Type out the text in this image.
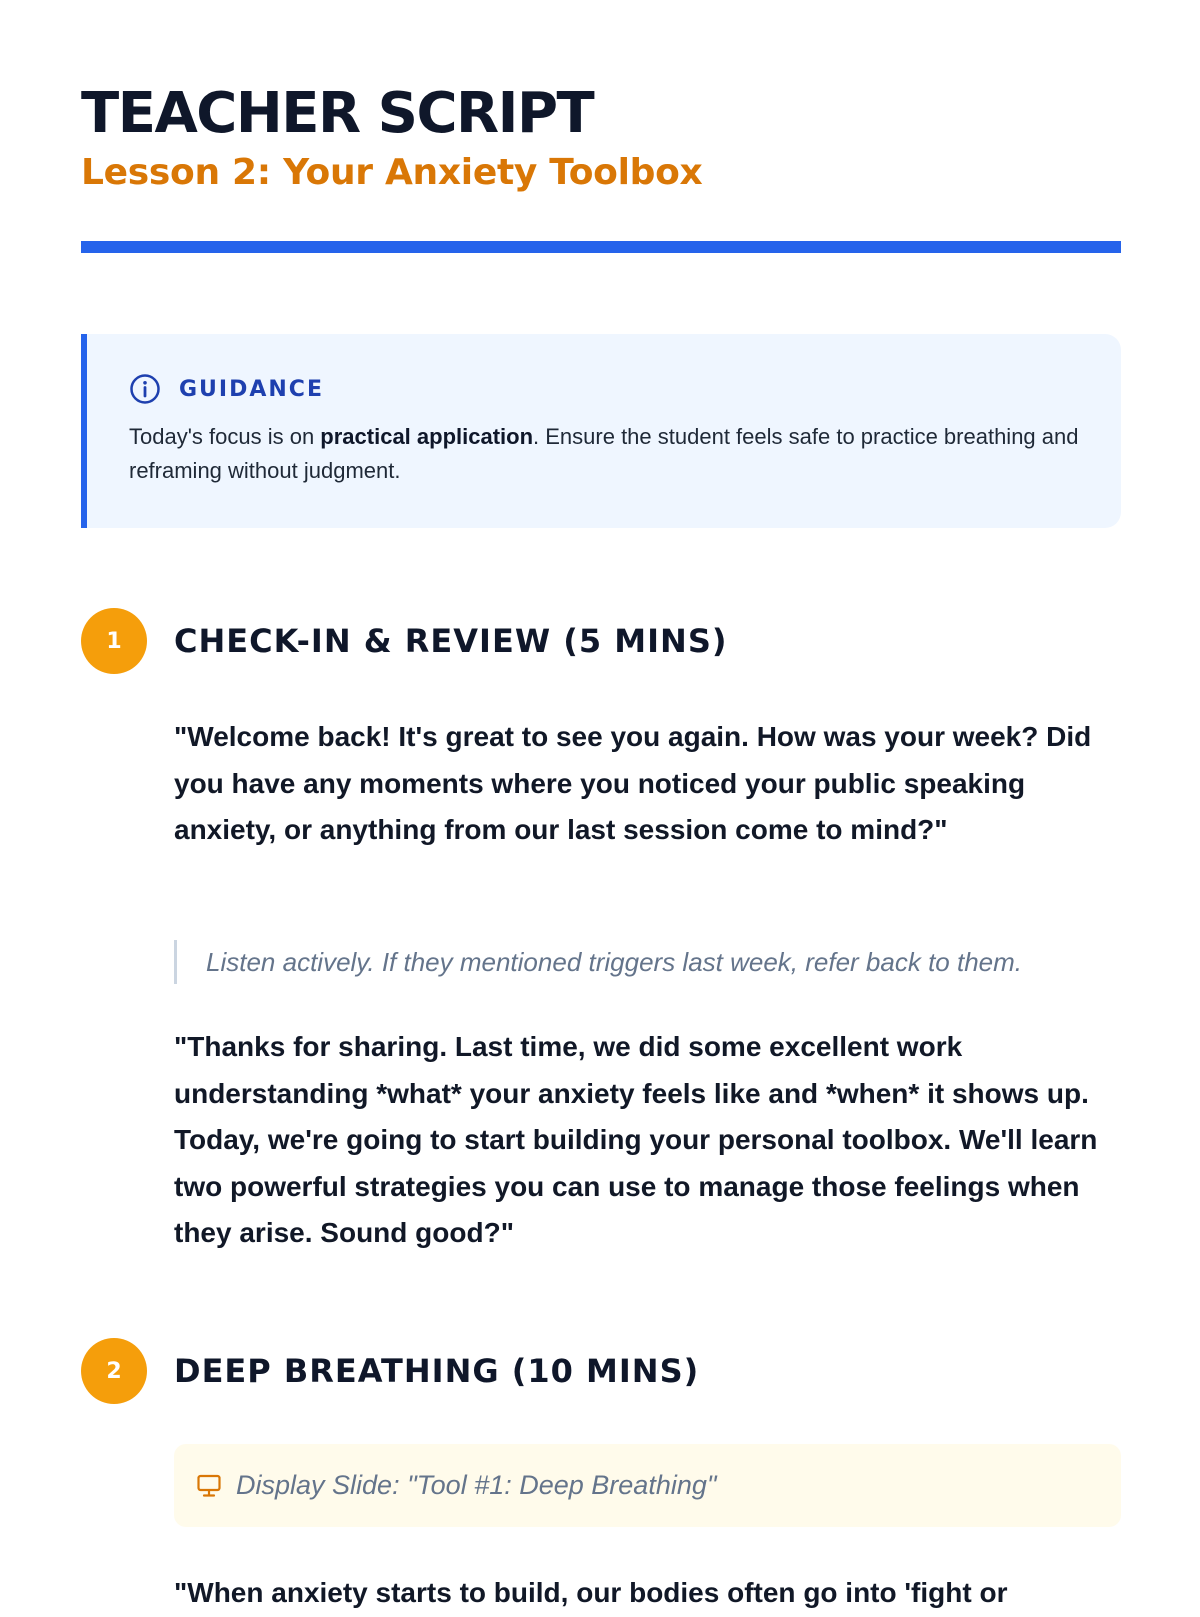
TEACHER SCRIPT
Lesson 2: Your Anxiety Toolbox
GUIDANCE
Today's focus is on practical application. Ensure the student feels safe to practice breathing and reframing without judgment.
1	CHECK-IN & REVIEW (5 MINS)

"Welcome back! It's great to see you again. How was your week? Did you have any moments where you noticed your public speaking anxiety, or anything from our last session come to mind?"

Listen actively. If they mentioned triggers last week, refer back to them.

"Thanks for sharing. Last time, we did some excellent work understanding *what* your anxiety feels like and *when* it shows up. Today, we're going to start building your personal toolbox. We'll learn two powerful strategies you can use to manage those feelings when they arise. Sound good?"

2	DEEP BREATHING (10 MINS)
Display Slide: "Tool #1: Deep Breathing"

"When anxiety starts to build, our bodies often go into 'fight or
